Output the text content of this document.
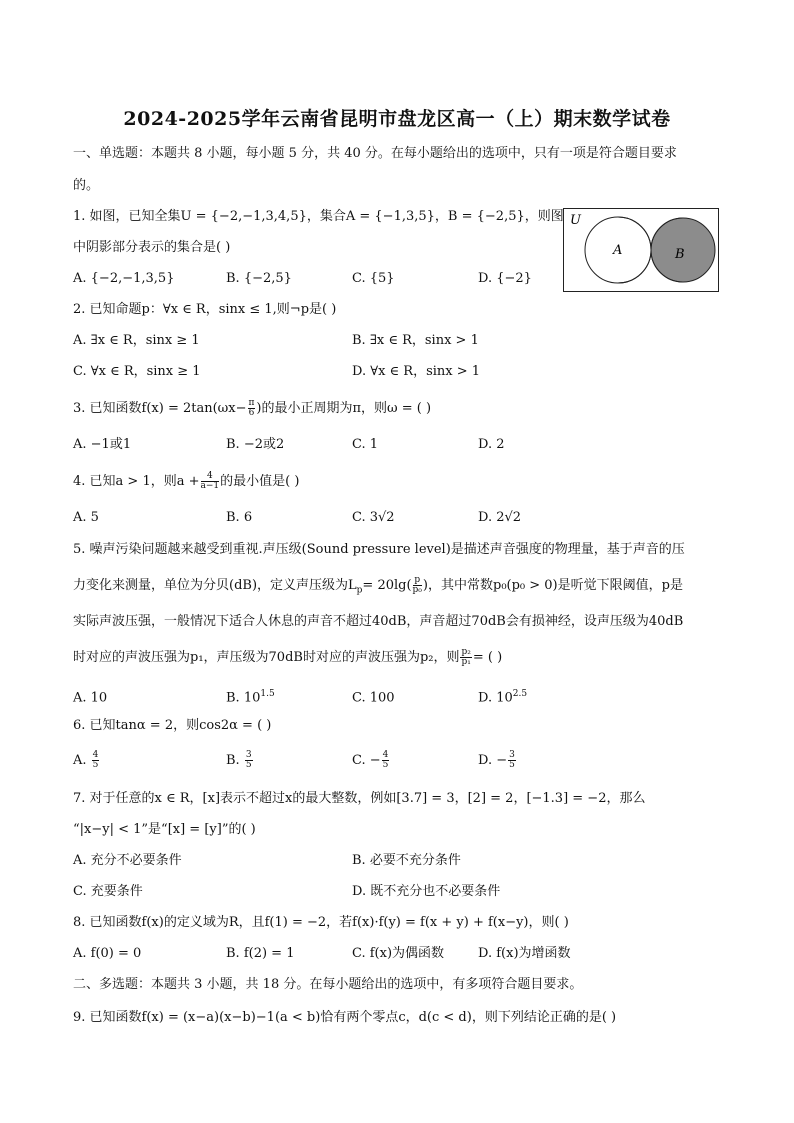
2024-2025学年云南省昆明市盘龙区高一（上）期末数学试卷
一、单选题：本题共 8 小题，每小题 5 分，共 40 分。在每小题给出的选项中，只有一项是符合题目要求
的。
1. 如图，已知全集U = {−2,−1,3,4,5}，集合A = {−1,3,5}，B = {−2,5}，则图
中阴影部分表示的集合是( )
A. {−2,−1,3,5}	B. {−2,5}	C. {5}	D. {−2}
U
A	B
2. 已知命题p：∀x ∈ R，sinx ≤ 1,则¬p是( )
A. ∃x ∈ R，sinx ≥ 1	B. ∃x ∈ R，sinx > 1
C. ∀x ∈ R，sinx ≥ 1	D. ∀x ∈ R，sinx > 1
3. 已知函数$f(x) = 2\tan(\omega x- \frac{\pi}{6}$ )的最小正周期为π，则ω = ( )
A. −1或1	B. −2或2	C. 1	D. 2
4. 已知a > 1，则$a + \frac{4}{a-1}$ 的最小值是( )
A. 5	B. 6	C. 3√2	D. 2√2
5. 噪声污染问题越来越受到重视.声压级(Sound pressure level)是描述声音强度的物理量，基于声音的压
力变化来测量，单位为分贝(dB)，定义声压级为$L_p= 20\lg( \frac{p}{\text{p₀}}$ )，其中常数p₀(p₀ > 0)是听觉下限阈值，p是
实际声波压强，一般情况下适合人休息的声音不超过40dB，声音超过70dB会有损神经，设声压级为40dB
时对应的声波压强为p₁，声压级为70dB时对应的声波压强为p₂，则 $\frac{\text{p₂}}{\text{p₁}}$ = ( )
A. 10	B. $10^{1.5}$	C. 100	D. $10^{2.5}$
6. 已知tanα = 2，则cos2α = ( )
A. $\frac{4}{5}$	B. $\frac{3}{5}$	C. − $\frac{4}{5}$	D. − $\frac{3}{5}$
7. 对于任意的x ∈ R，[x]表示不超过x的最大整数，例如[3.7] = 3，[2] = 2，[−1.3] = −2，那么
“|x−y| < 1”是“[x] = [y]”的( )
A. 充分不必要条件	B. 必要不充分条件
C. 充要条件	D. 既不充分也不必要条件
8. 已知函数f(x)的定义域为R，且f(1) = −2，若f(x)·f(y) = f(x + y) + f(x−y)，则( )
A. f(0) = 0	B. f(2) = 1	C. f(x)为偶函数	D. f(x)为增函数
二、多选题：本题共 3 小题，共 18 分。在每小题给出的选项中，有多项符合题目要求。
9. 已知函数f(x) = (x−a)(x−b)−1(a < b)恰有两个零点c，d(c < d)，则下列结论正确的是( )
